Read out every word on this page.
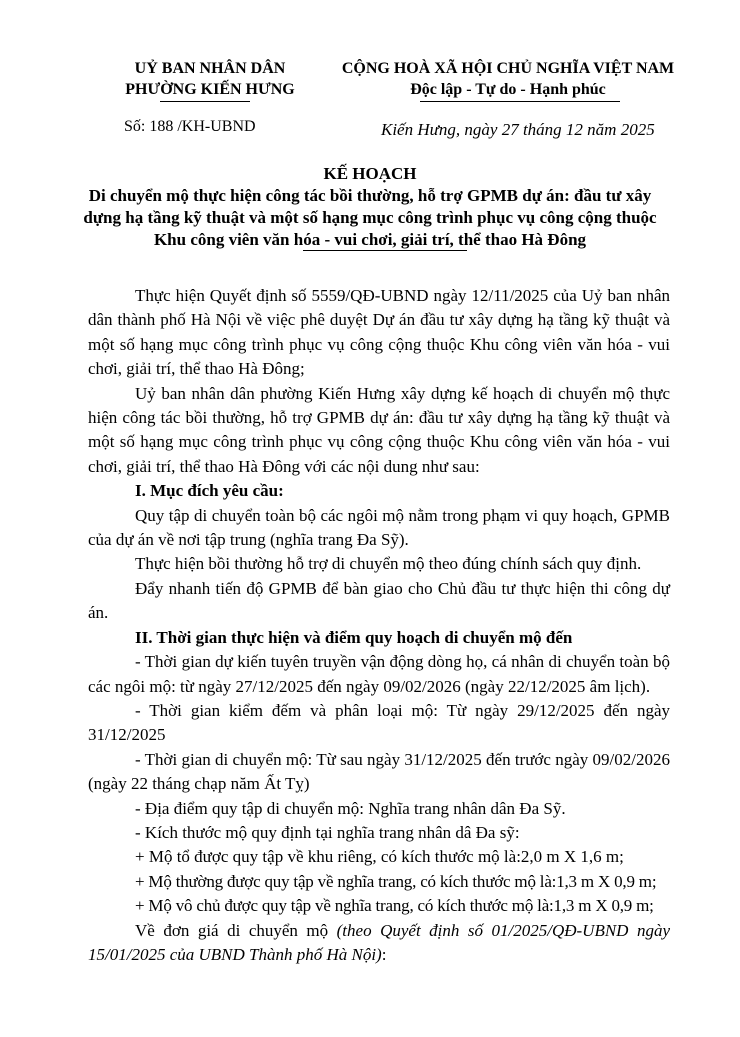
UỶ BAN NHÂN DÂN
PHƯỜNG KIẾN HƯNG
CỘNG HOÀ XÃ HỘI CHỦ NGHĨA VIỆT NAM
Độc lập - Tự do - Hạnh phúc
Số: 188 /KH-UBND	Kiến Hưng, ngày 27 tháng 12 năm 2025
KẾ HOẠCH
Di chuyển mộ thực hiện công tác bồi thường, hỗ trợ GPMB dự án: đầu tư xây
dựng hạ tầng kỹ thuật và một số hạng mục công trình phục vụ công cộng thuộc
Khu công viên văn hóa - vui chơi, giải trí, thể thao Hà Đông

Thực hiện Quyết định số 5559/QĐ-UBND ngày 12/11/2025 của Uỷ ban nhân dân thành phố Hà Nội về việc phê duyệt Dự án đầu tư xây dựng hạ tầng kỹ thuật và một số hạng mục công trình phục vụ công cộng thuộc Khu công viên văn hóa - vui chơi, giải trí, thể thao Hà Đông;

Uỷ ban nhân dân phường Kiến Hưng xây dựng kế hoạch di chuyển mộ thực hiện công tác bồi thường, hỗ trợ GPMB dự án: đầu tư xây dựng hạ tầng kỹ thuật và một số hạng mục công trình phục vụ công cộng thuộc Khu công viên văn hóa - vui chơi, giải trí, thể thao Hà Đông với các nội dung như sau:

I. Mục đích yêu cầu:

Quy tập di chuyển toàn bộ các ngôi mộ nằm trong phạm vi quy hoạch, GPMB của dự án về nơi tập trung (nghĩa trang Đa Sỹ).

Thực hiện bồi thường hỗ trợ di chuyển mộ theo đúng chính sách quy định.

Đẩy nhanh tiến độ GPMB để bàn giao cho Chủ đầu tư thực hiện thi công dự án.

II. Thời gian thực hiện và điểm quy hoạch di chuyển mộ đến

- Thời gian dự kiến tuyên truyền vận động dòng họ, cá nhân di chuyển toàn bộ các ngôi mộ: từ ngày 27/12/2025 đến ngày 09/02/2026 (ngày 22/12/2025 âm lịch).

- Thời gian kiểm đếm và phân loại mộ: Từ ngày 29/12/2025 đến ngày 31/12/2025

- Thời gian di chuyển mộ: Từ sau ngày 31/12/2025 đến trước ngày 09/02/2026 (ngày 22 tháng chạp năm Ất Tỵ)

- Địa điểm quy tập di chuyển mộ: Nghĩa trang nhân dân Đa Sỹ.

- Kích thước mộ quy định tại nghĩa trang nhân dâ Đa sỹ:

+ Mộ tổ được quy tập về khu riêng, có kích thước mộ là:2,0 m X 1,6 m;

+ Mộ thường được quy tập về nghĩa trang, có kích thước mộ là:1,3 m X 0,9 m;

+ Mộ vô chủ được quy tập về nghĩa trang, có kích thước mộ là:1,3 m X 0,9 m;

Về đơn giá di chuyển mộ (theo Quyết định số 01/2025/QĐ-UBND ngày 15/01/2025 của UBND Thành phố Hà Nội):
